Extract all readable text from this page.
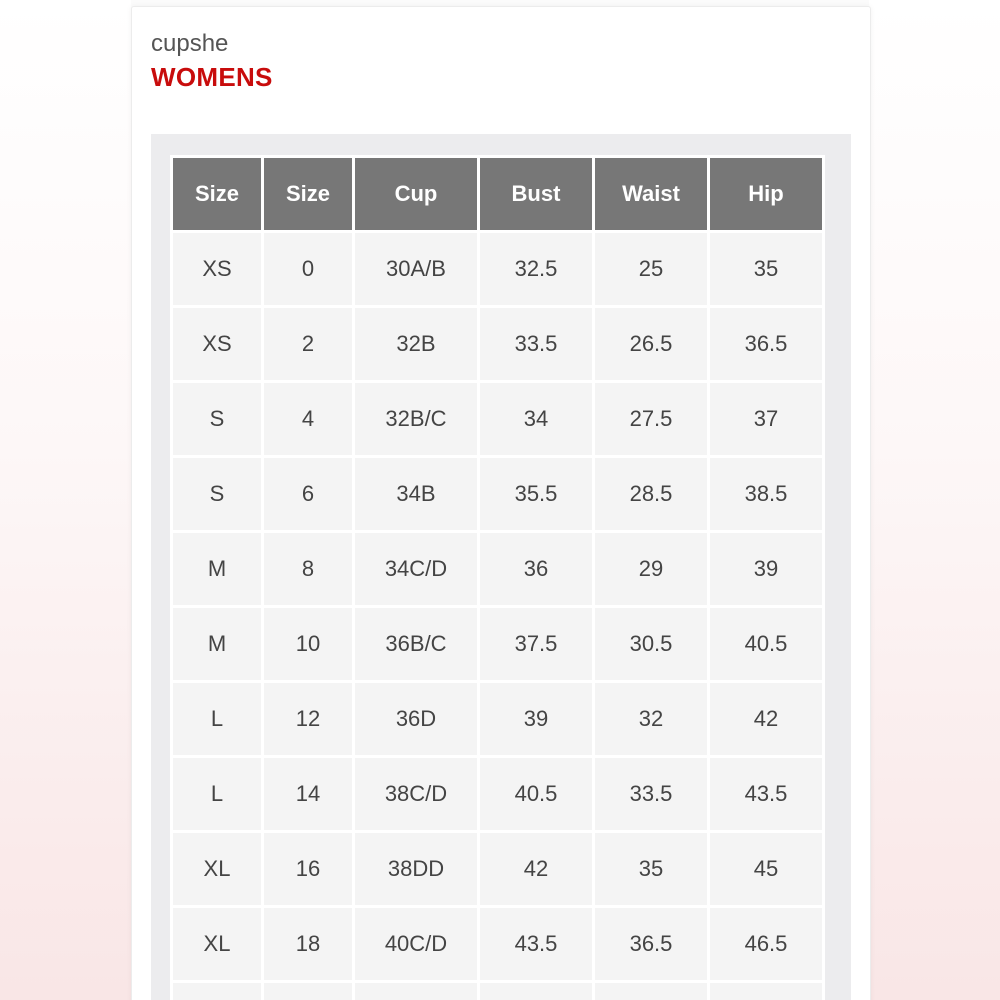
cupshe
WOMENS
Size	Size	Cup	Bust	Waist	Hip
XS	0	30A/B	32.5	25	35
XS	2	32B	33.5	26.5	36.5
S	4	32B/C	34	27.5	37
S	6	34B	35.5	28.5	38.5
M	8	34C/D	36	29	39
M	10	36B/C	37.5	30.5	40.5
L	12	36D	39	32	42
L	14	38C/D	40.5	33.5	43.5
XL	16	38DD	42	35	45
XL	18	40C/D	43.5	36.5	46.5
